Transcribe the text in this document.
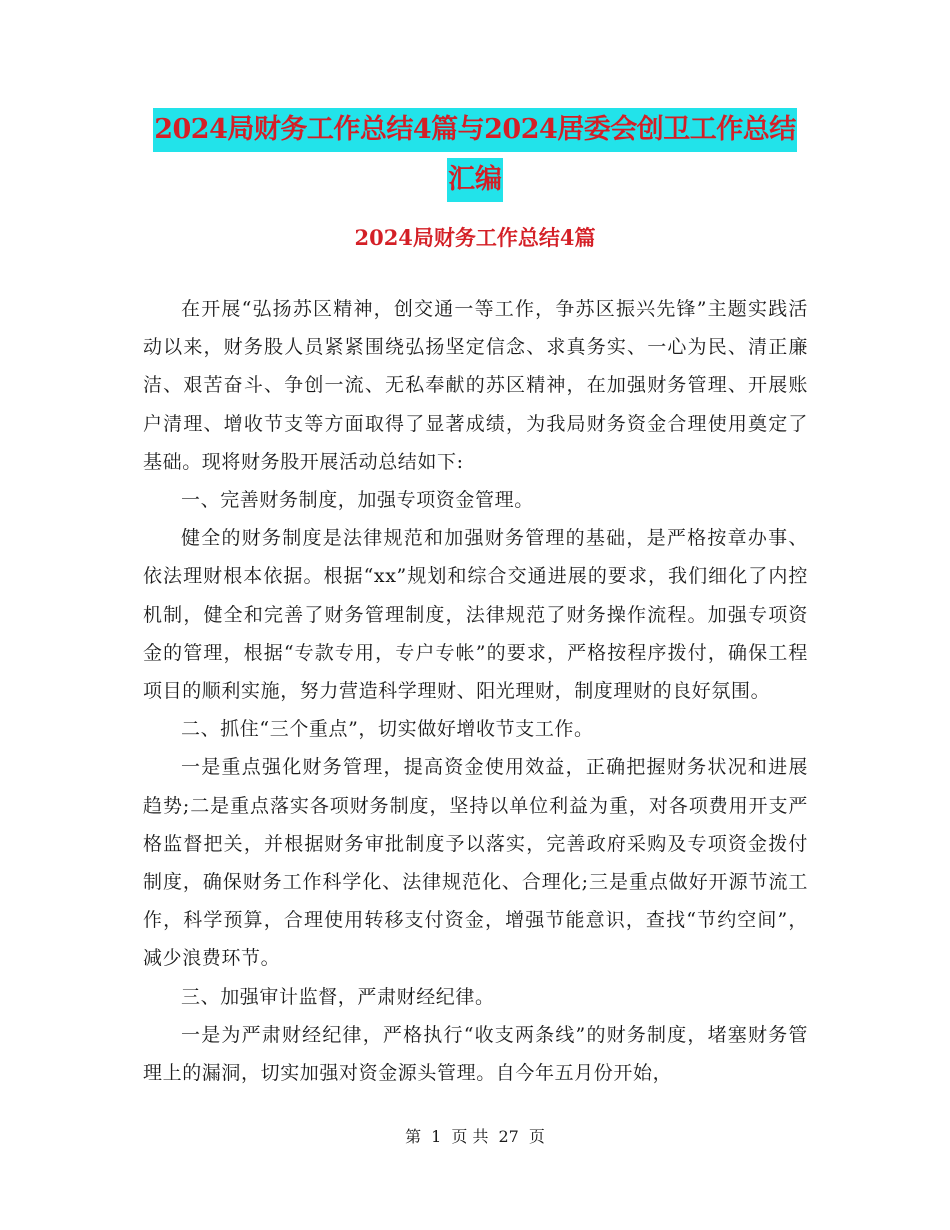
2024局财务工作总结4篇与2024居委会创卫工作总结
汇编
2024局财务工作总结4篇

在开展“弘扬苏区精神，创交通一等工作，争苏区振兴先锋”主题实践活动以来，财务股人员紧紧围绕弘扬坚定信念、求真务实、一心为民、清正廉洁、艰苦奋斗、争创一流、无私奉献的苏区精神，在加强财务管理、开展账户清理、增收节支等方面取得了显著成绩，为我局财务资金合理使用奠定了基础。现将财务股开展活动总结如下:

一、完善财务制度，加强专项资金管理。

健全的财务制度是法律规范和加强财务管理的基础，是严格按章办事、依法理财根本依据。根据“xx”规划和综合交通进展的要求，我们细化了内控机制，健全和完善了财务管理制度，法律规范了财务操作流程。加强专项资金的管理，根据“专款专用，专户专帐”的要求，严格按程序拨付，确保工程项目的顺利实施，努力营造科学理财、阳光理财，制度理财的良好氛围。

二、抓住“三个重点”，切实做好增收节支工作。

一是重点强化财务管理，提高资金使用效益，正确把握财务状况和进展趋势;二是重点落实各项财务制度，坚持以单位利益为重，对各项费用开支严格监督把关，并根据财务审批制度予以落实，完善政府采购及专项资金拨付制度，确保财务工作科学化、法律规范化、合理化;三是重点做好开源节流工作，科学预算，合理使用转移支付资金，增强节能意识，查找“节约空间”，减少浪费环节。

三、加强审计监督，严肃财经纪律。

一是为严肃财经纪律，严格执行“收支两条线”的财务制度，堵塞财务管理上的漏洞，切实加强对资金源头管理。自今年五月份开始，

第 1 页 共 27 页
